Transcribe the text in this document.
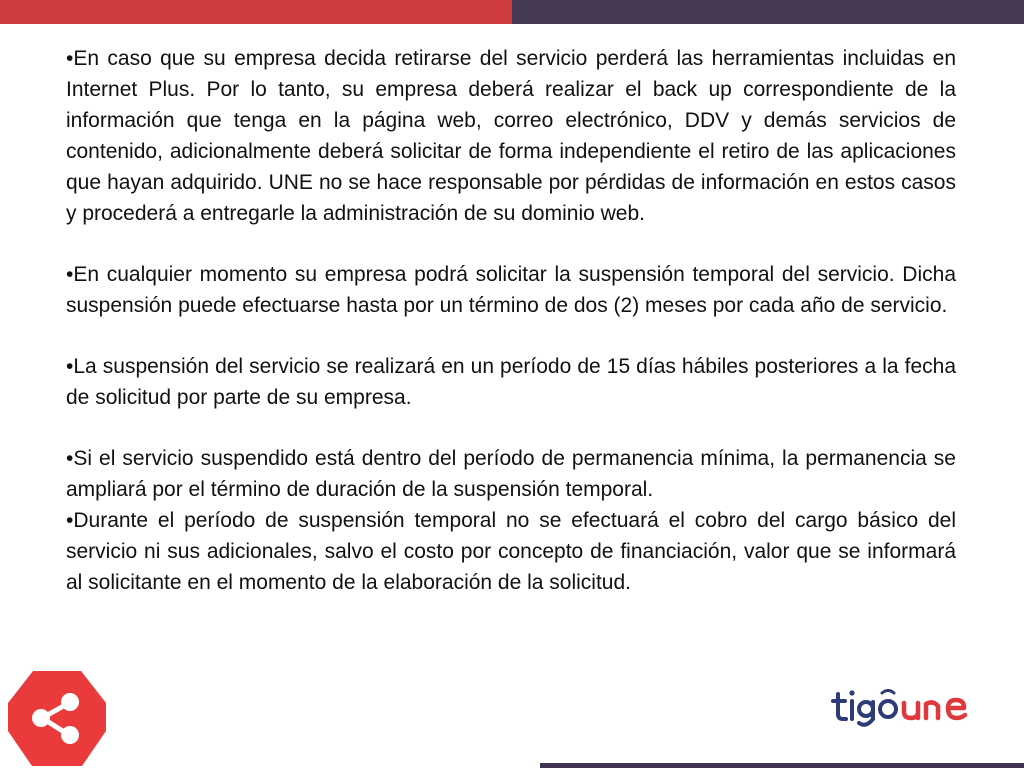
•En caso que su empresa decida retirarse del servicio perderá las herramientas incluidas en Internet Plus. Por lo tanto, su empresa deberá realizar el back up correspondiente de la información que tenga en la página web, correo electrónico, DDV y demás servicios de contenido, adicionalmente deberá solicitar de forma independiente el retiro de las aplicaciones que hayan adquirido. UNE no se hace responsable por pérdidas de información en estos casos y procederá a entregarle la administración de su dominio web.

•En cualquier momento su empresa podrá solicitar la suspensión temporal del servicio. Dicha suspensión puede efectuarse hasta por un término de dos (2) meses por cada año de servicio.

•La suspensión del servicio se realizará en un período de 15 días hábiles posteriores a la fecha de solicitud por parte de su empresa.

•Si el servicio suspendido está dentro del período de permanencia mínima, la permanencia se ampliará por el término de duración de la suspensión temporal.

•Durante el período de suspensión temporal no se efectuará el cobro del cargo básico del servicio ni sus adicionales, salvo el costo por concepto de financiación, valor que se informará al solicitante en el momento de la elaboración de la solicitud.
